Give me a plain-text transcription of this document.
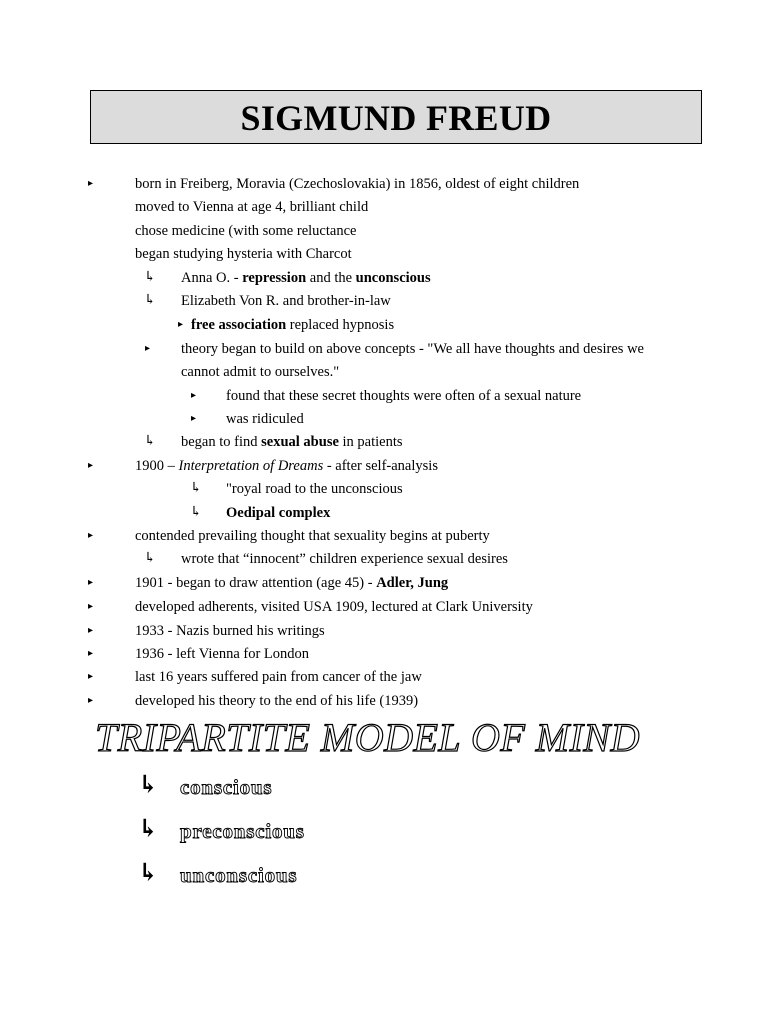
SIGMUND FREUD
▸
▸
▸
▸
▸
▸
▸
▸
▸
↳
↳
▸
▸
▸
▸
↳
↳
↳
↳
born in Freiberg, Moravia (Czechoslovakia) in 1856, oldest of eight children
moved to Vienna at age 4, brilliant child
chose medicine (with some reluctance
began studying hysteria with Charcot
Anna O. - repression and the unconscious
Elizabeth Von R. and brother-in-law
free association replaced hypnosis
theory began to build on above concepts - "We all have thoughts and desires we
cannot admit to ourselves."
found that these secret thoughts were often of a sexual nature
was ridiculed
began to find sexual abuse in patients
1900 – Interpretation of Dreams - after self-analysis
"royal road to the unconscious
Oedipal complex
contended prevailing thought that sexuality begins at puberty
wrote that “innocent” children experience sexual desires
1901 - began to draw attention (age 45) - Adler, Jung
developed adherents, visited USA 1909, lectured at Clark University
1933 - Nazis burned his writings
1936 - left Vienna for London
last 16 years suffered pain from cancer of the jaw
developed his theory to the end of his life (1939)
TRIPARTITE MODEL OF MIND
↳ conscious
↳ preconscious
↳ unconscious
